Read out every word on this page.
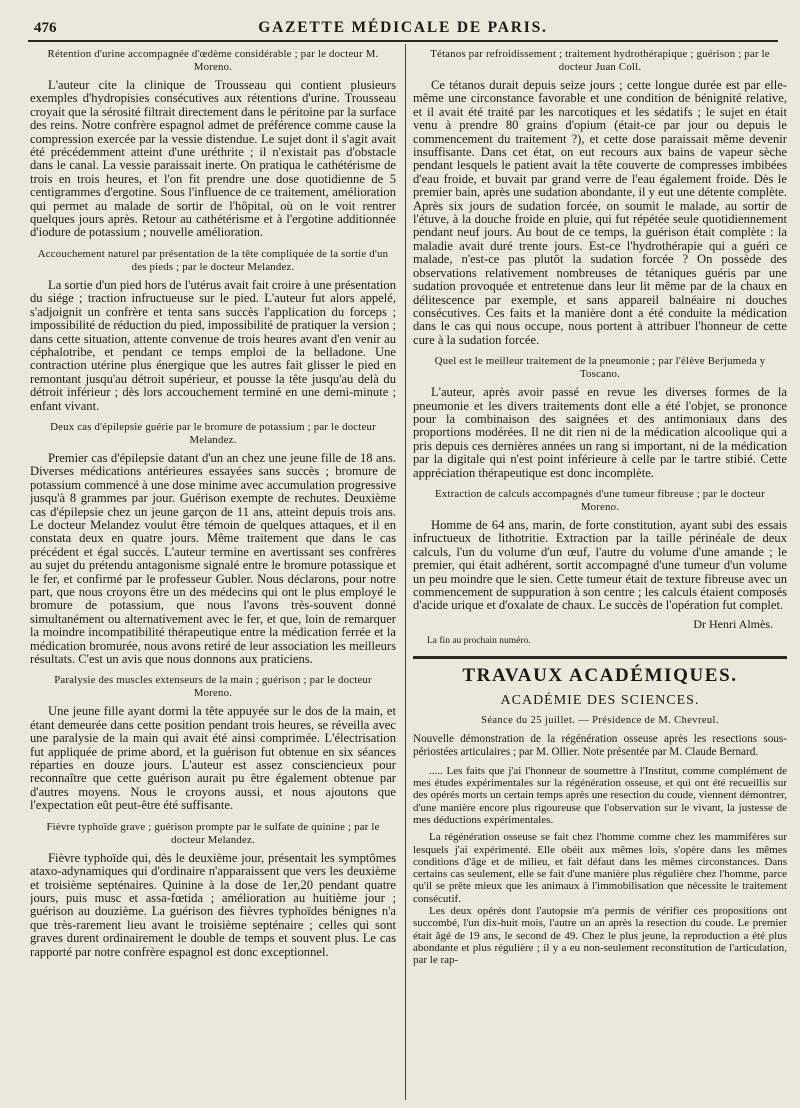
476	GAZETTE MÉDICALE DE PARIS.
Rétention d'urine accompagnée d'œdème considérable ; par le docteur M. Moreno.

L'auteur cite la clinique de Trousseau qui contient plusieurs exemples d'hydropisies consécutives aux rétentions d'urine. Trousseau croyait que la sérosité filtrait directement dans le péritoine par la surface des reins. Notre confrère espagnol admet de préférence comme cause la compression exercée par la vessie distendue. Le sujet dont il s'agit avait été précédemment atteint d'une uréthrite ; il n'existait pas d'obstacle dans le canal. La vessie paraissait inerte. On pratiqua le cathétérisme de trois en trois heures, et l'on fit prendre une dose quotidienne de 5 centigrammes d'ergotine. Sous l'influence de ce traitement, amélioration qui permet au malade de sortir de l'hôpital, où on le voit rentrer quelques jours après. Retour au cathétérisme et à l'ergotine additionnée d'iodure de potassium ; nouvelle amélioration.

Accouchement naturel par présentation de la tête compliquée de la sortie d'un des pieds ; par le docteur Melandez.

La sortie d'un pied hors de l'utérus avait fait croire à une présentation du siége ; traction infructueuse sur le pied. L'auteur fut alors appelé, s'adjoignit un confrère et tenta sans succès l'application du forceps ; impossibilité de réduction du pied, impossibilité de pratiquer la version ; dans cette situation, attente convenue de trois heures avant d'en venir au céphalotribe, et pendant ce temps emploi de la belladone. Une contraction utérine plus énergique que les autres fait glisser le pied en remontant jusqu'au détroit supérieur, et pousse la tête jusqu'au delà du détroit inférieur ; dès lors accouchement terminé en une demi-minute ; enfant vivant.

Deux cas d'épilepsie guérie par le bromure de potassium ; par le docteur Melandez.

Premier cas d'épilepsie datant d'un an chez une jeune fille de 18 ans. Diverses médications antérieures essayées sans succès ; bromure de potassium commencé à une dose minime avec accumulation progressive jusqu'à 8 grammes par jour. Guérison exempte de rechutes. Deuxième cas d'épilepsie chez un jeune garçon de 11 ans, atteint depuis trois ans. Le docteur Melandez voulut être témoin de quelques attaques, et il en constata deux en quatre jours. Même traitement que dans le cas précédent et égal succès. L'auteur termine en avertissant ses confrères au sujet du prétendu antagonisme signalé entre le bromure potassique et le fer, et confirmé par le professeur Gubler. Nous déclarons, pour notre part, que nous croyons être un des médecins qui ont le plus employé le bromure de potassium, que nous l'avons très-souvent donné simultanément ou alternativement avec le fer, et que, loin de remarquer la moindre incompatibilité thérapeutique entre la médication ferrée et la médication bromurée, nous avons retiré de leur association les meilleurs résultats. C'est un avis que nous donnons aux praticiens.

Paralysie des muscles extenseurs de la main ; guérison ; par le docteur Moreno.

Une jeune fille ayant dormi la tête appuyée sur le dos de la main, et étant demeurée dans cette position pendant trois heures, se réveilla avec une paralysie de la main qui avait été ainsi comprimée. L'électrisation fut appliquée de prime abord, et la guérison fut obtenue en six séances réparties en douze jours. L'auteur est assez consciencieux pour reconnaître que cette guérison aurait pu être également obtenue par d'autres moyens. Nous le croyons aussi, et nous ajoutons que l'expectation eût peut-être été suffisante.

Fièvre typhoïde grave ; guérison prompte par le sulfate de quinine ; par le docteur Melandez.

Fièvre typhoïde qui, dès le deuxième jour, présentait les symptômes ataxo-adynamiques qui d'ordinaire n'apparaissent que vers les deuxième et troisième septénaires. Quinine à la dose de 1er,20 pendant quatre jours, puis musc et assa-fœtida ; amélioration au huitième jour ; guérison au douzième. La guérison des fièvres typhoïdes bénignes n'a que très-rarement lieu avant le troisième septénaire ; celles qui sont graves durent ordinairement le double de temps et souvent plus. Le cas rapporté par notre confrère espagnol est donc exceptionnel.

Tétanos par refroidissement ; traitement hydrothérapique ; guérison ; par le docteur Juan Coll.

Ce tétanos durait depuis seize jours ; cette longue durée est par elle-même une circonstance favorable et une condition de bénignité relative, et il avait été traité par les narcotiques et les sédatifs ; le sujet en était venu à prendre 80 grains d'opium (était-ce par jour ou depuis le commencement du traitement ?), et cette dose paraissait même devenir insuffisante. Dans cet état, on eut recours aux bains de vapeur sèche pendant lesquels le patient avait la tête couverte de compresses imbibées d'eau froide, et buvait par grand verre de l'eau également froide. Dès le premier bain, après une sudation abondante, il y eut une détente complète. Après six jours de sudation forcée, on soumit le malade, au sortir de l'étuve, à la douche froide en pluie, qui fut répétée seule quotidiennement pendant neuf jours. Au bout de ce temps, la guérison était complète : la maladie avait duré trente jours. Est-ce l'hydrothérapie qui a guéri ce malade, n'est-ce pas plutôt la sudation forcée ? On possède des observations relativement nombreuses de tétaniques guéris par une sudation provoquée et entretenue dans leur lit même par de la chaux en délitescence par exemple, et sans appareil balnéaire ni douches consécutives. Ces faits et la manière dont a été conduite la médication dans le cas qui nous occupe, nous portent à attribuer l'honneur de cette cure à la sudation forcée.

Quel est le meilleur traitement de la pneumonie ; par l'élève Berjumeda y Toscano.

L'auteur, après avoir passé en revue les diverses formes de la pneumonie et les divers traitements dont elle a été l'objet, se prononce pour la combinaison des saignées et des antimoniaux dans des proportions modérées. Il ne dit rien ni de la médication alcoolique qui a pris depuis ces dernières années un rang si important, ni de la médication par la digitale qui n'est point inférieure à celle par le tartre stibié. Cette appréciation thérapeutique est donc incomplète.

Extraction de calculs accompagnés d'une tumeur fibreuse ; par le docteur Moreno.

Homme de 64 ans, marin, de forte constitution, ayant subi des essais infructueux de lithotritie. Extraction par la taille périnéale de deux calculs, l'un du volume d'un œuf, l'autre du volume d'une amande ; le premier, qui était adhérent, sortit accompagné d'une tumeur d'un volume un peu moindre que le sien. Cette tumeur était de texture fibreuse avec un commencement de suppuration à son centre ; les calculs étaient composés d'acide urique et d'oxalate de chaux. Le succès de l'opération fut complet.

Dr Henri Almès.
La fin au prochain numéro.
TRAVAUX ACADÉMIQUES.
ACADÉMIE DES SCIENCES.
Séance du 25 juillet. — Présidence de M. Chevreul.

Nouvelle démonstration de la régénération osseuse après les resections sous-périostées articulaires ; par M. Ollier. Note présentée par M. Claude Bernard.

..... Les faits que j'ai l'honneur de soumettre à l'Institut, comme complément de mes études expérimentales sur la régénération osseuse, et qui ont été recueillis sur des opérés morts un certain temps après une resection du coude, viennent démontrer, d'une manière encore plus rigoureuse que l'observation sur le vivant, la justesse de mes déductions expérimentales.

La régénération osseuse se fait chez l'homme comme chez les mammifères sur lesquels j'ai expérimenté. Elle obéit aux mêmes lois, s'opère dans les mêmes conditions d'âge et de milieu, et fait défaut dans les mêmes circonstances. Dans certains cas seulement, elle se fait d'une manière plus régulière chez l'homme, parce qu'il se prête mieux que les animaux à l'immobilisation que nécessite le traitement consécutif.

Les deux opérés dont l'autopsie m'a permis de vérifier ces propositions ont succombé, l'un dix-huit mois, l'autre un an après la resection du coude. Le premier était âgé de 19 ans, le second de 49. Chez le plus jeune, la reproduction a été plus abondante et plus régulière ; il y a eu non-seulement reconstitution de l'articulation, par le rap-
